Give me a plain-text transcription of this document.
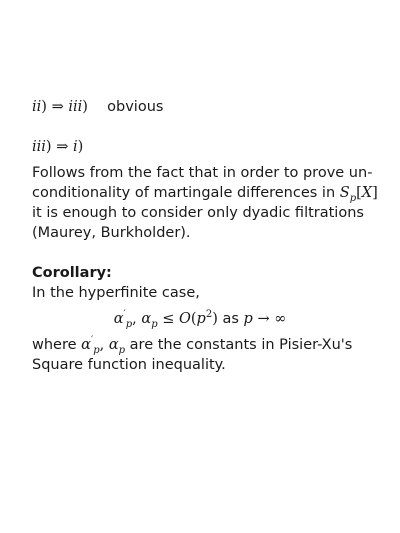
ii) ⇒ iii) obvious
iii) ⇒ i)
Follows from the fact that in order to prove un-
conditionality of martingale differences in $S_p[X]$
it is enough to consider only dyadic filtrations
(Maurey, Burkholder).
Corollary:
In the hyperfinite case,
$\alpha'_p$, $\alpha_p \le O(p^2)$ as p → ∞
where $\alpha'_p$, $\alpha_p$ are the constants in Pisier-Xu's
Square function inequality.
